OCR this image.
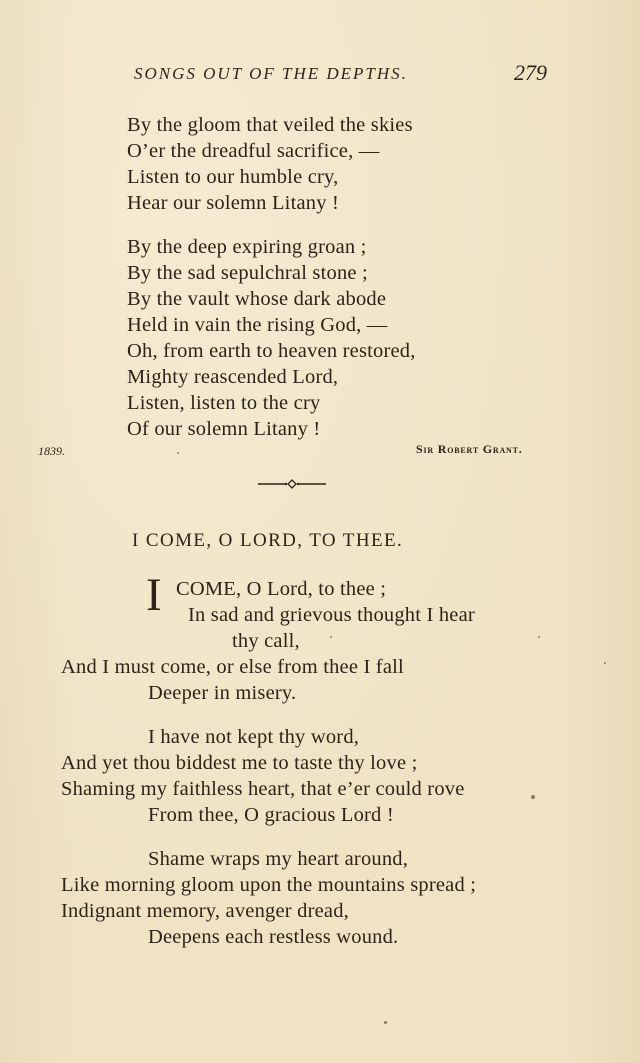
SONGS OUT OF THE DEPTHS.	279
By the gloom that veiled the skies
O’er the dreadful sacrifice, —
Listen to our humble cry,
Hear our solemn Litany !
By the deep expiring groan ;
By the sad sepulchral stone ;
By the vault whose dark abode
Held in vain the rising God, —
Oh, from earth to heaven restored,
Mighty reascended Lord,
Listen, listen to the cry
Of our solemn Litany !
1839.	Sir Robert Grant.
I COME, O LORD, TO THEE.
I COME, O Lord, to thee ;
In sad and grievous thought I hear
thy call,
And I must come, or else from thee I fall
Deeper in misery.
I have not kept thy word,
And yet thou biddest me to taste thy love ;
Shaming my faithless heart, that e’er could rove
From thee, O gracious Lord !
Shame wraps my heart around,
Like morning gloom upon the mountains spread ;
Indignant memory, avenger dread,
Deepens each restless wound.
